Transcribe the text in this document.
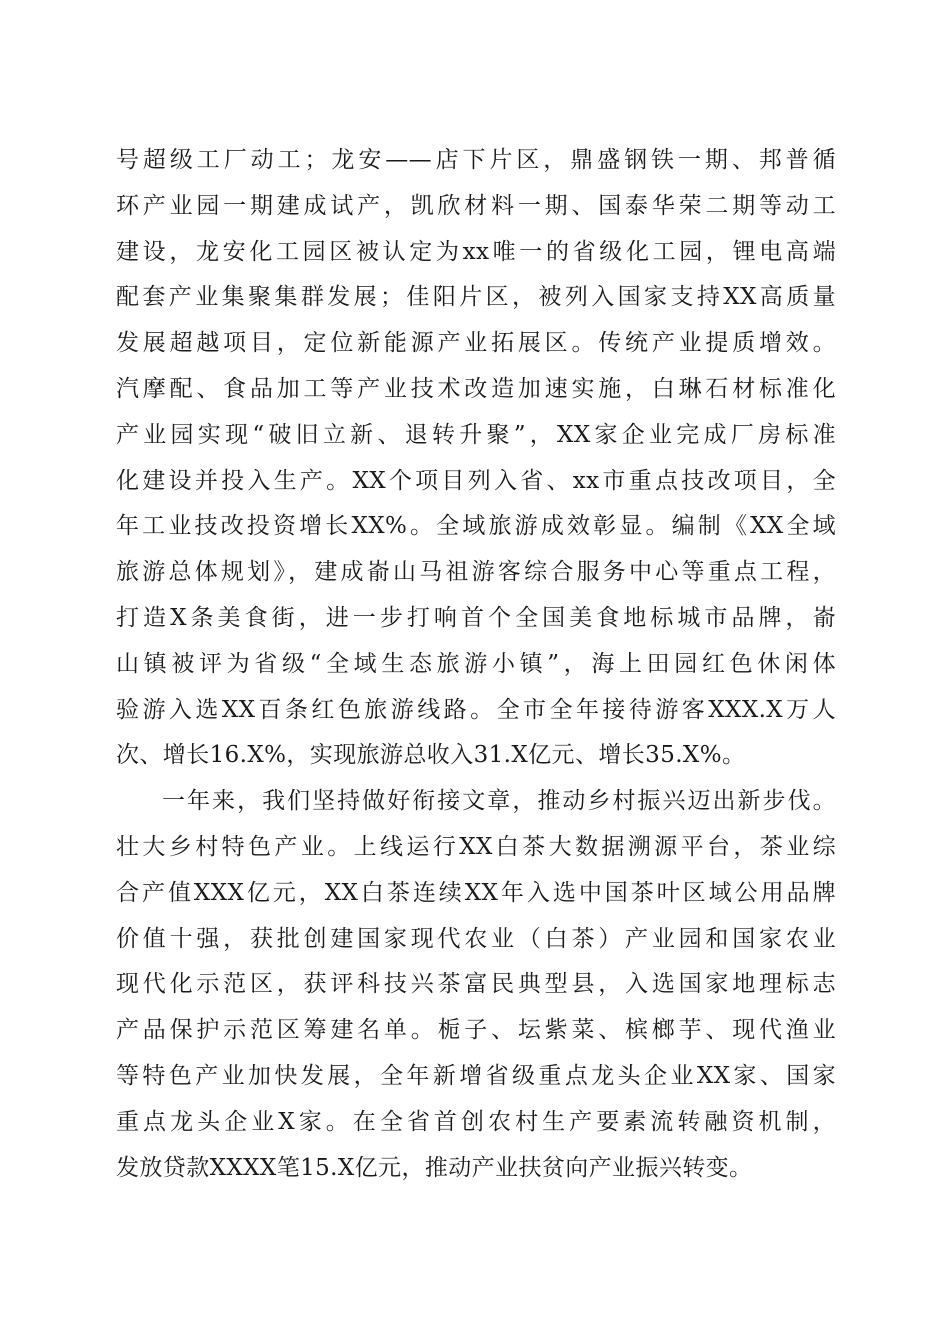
号超级工厂动工；龙安——店下片区，鼎盛钢铁一期、邦普循
环产业园一期建成试产，凯欣材料一期、国泰华荣二期等动工
建设，龙安化工园区被认定为xx唯一的省级化工园，锂电高端
配套产业集聚集群发展；佳阳片区，被列入国家支持XX高质量
发展超越项目，定位新能源产业拓展区。传统产业提质增效。
汽摩配、食品加工等产业技术改造加速实施，白琳石材标准化
产业园实现“破旧立新、退转升聚”，XX家企业完成厂房标准
化建设并投入生产。XX个项目列入省、xx市重点技改项目，全
年工业技改投资增长XX%。全域旅游成效彰显。编制《XX全域
旅游总体规划》，建成嵛山马祖游客综合服务中心等重点工程，
打造X条美食街，进一步打响首个全国美食地标城市品牌，嵛
山镇被评为省级“全域生态旅游小镇”，海上田园红色休闲体
验游入选XX百条红色旅游线路。全市全年接待游客XXX.X万人
次、增长16.X%，实现旅游总收入31.X亿元、增长35.X%。
一年来，我们坚持做好衔接文章，推动乡村振兴迈出新步伐。
壮大乡村特色产业。上线运行XX白茶大数据溯源平台，茶业综
合产值XXX亿元，XX白茶连续XX年入选中国茶叶区域公用品牌
价值十强，获批创建国家现代农业（白茶）产业园和国家农业
现代化示范区，获评科技兴茶富民典型县，入选国家地理标志
产品保护示范区筹建名单。栀子、坛紫菜、槟榔芋、现代渔业
等特色产业加快发展，全年新增省级重点龙头企业XX家、国家
重点龙头企业X家。在全省首创农村生产要素流转融资机制，
发放贷款XXXX笔15.X亿元，推动产业扶贫向产业振兴转变。
